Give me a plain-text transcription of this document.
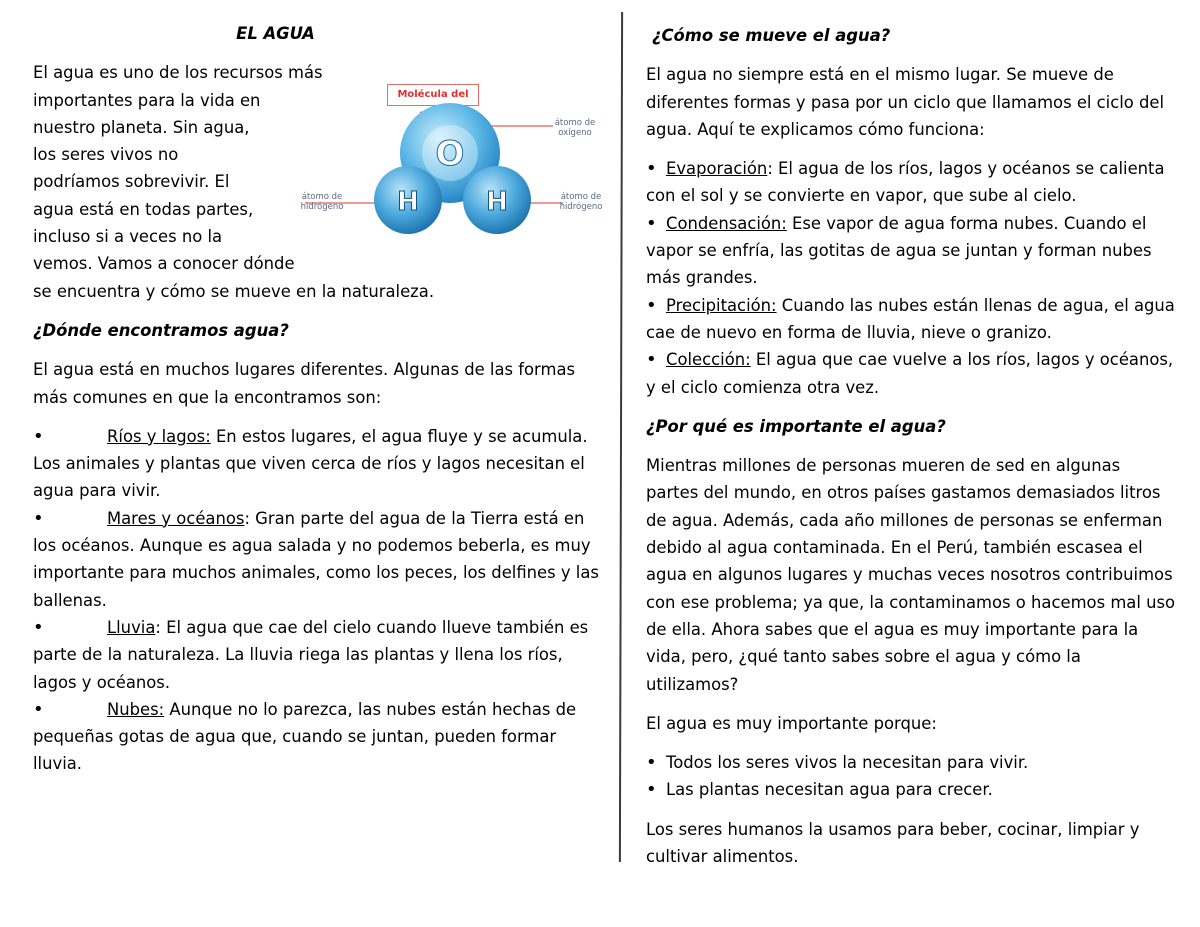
EL AGUA

El agua es uno de los recursos más
importantes para la vida en
nuestro planeta. Sin agua,
los seres vivos no
podríamos sobrevivir. El
agua está en todas partes,
incluso si a veces no la
vemos. Vamos a conocer dónde
se encuentra y cómo se mueve en la naturaleza.

¿Dónde encontramos agua?

El agua está en muchos lugares diferentes. Algunas de las formas más comunes en que la encontramos son:

•Ríos y lagos: En estos lugares, el agua fluye y se acumula. Los animales y plantas que viven cerca de ríos y lagos necesitan el agua para vivir.
•Mares y océanos: Gran parte del agua de la Tierra está en los océanos. Aunque es agua salada y no podemos beberla, es muy importante para muchos animales, como los peces, los delfines y las ballenas.
•Lluvia: El agua que cae del cielo cuando llueve también es parte de la naturaleza. La lluvia riega las plantas y llena los ríos, lagos y océanos.
•Nubes: Aunque no lo parezca, las nubes están hechas de pequeñas gotas de agua que, cuando se juntan, pueden formar lluvia.
Molécula del
O
H	H
átomo de oxígeno
átomo de hidrógeno
átomo de hidrógeno
¿Cómo se mueve el agua?

El agua no siempre está en el mismo lugar. Se mueve de diferentes formas y pasa por un ciclo que llamamos el ciclo del agua. Aquí te explicamos cómo funciona:

•Evaporación: El agua de los ríos, lagos y océanos se calienta con el sol y se convierte en vapor, que sube al cielo.
•Condensación: Ese vapor de agua forma nubes. Cuando el vapor se enfría, las gotitas de agua se juntan y forman nubes más grandes.
•Precipitación: Cuando las nubes están llenas de agua, el agua cae de nuevo en forma de lluvia, nieve o granizo.
•Colección: El agua que cae vuelve a los ríos, lagos y océanos, y el ciclo comienza otra vez.
¿Por qué es importante el agua?

Mientras millones de personas mueren de sed en algunas partes del mundo, en otros países gastamos demasiados litros de agua. Además, cada año millones de personas se enferman debido al agua contaminada. En el Perú, también escasea el agua en algunos lugares y muchas veces nosotros contribuimos con ese problema; ya que, la contaminamos o hacemos mal uso de ella. Ahora sabes que el agua es muy importante para la vida, pero, ¿qué tanto sabes sobre el agua y cómo la utilizamos?

El agua es muy importante porque:

•Todos los seres vivos la necesitan para vivir.
•Las plantas necesitan agua para crecer.

Los seres humanos la usamos para beber, cocinar, limpiar y cultivar alimentos.
